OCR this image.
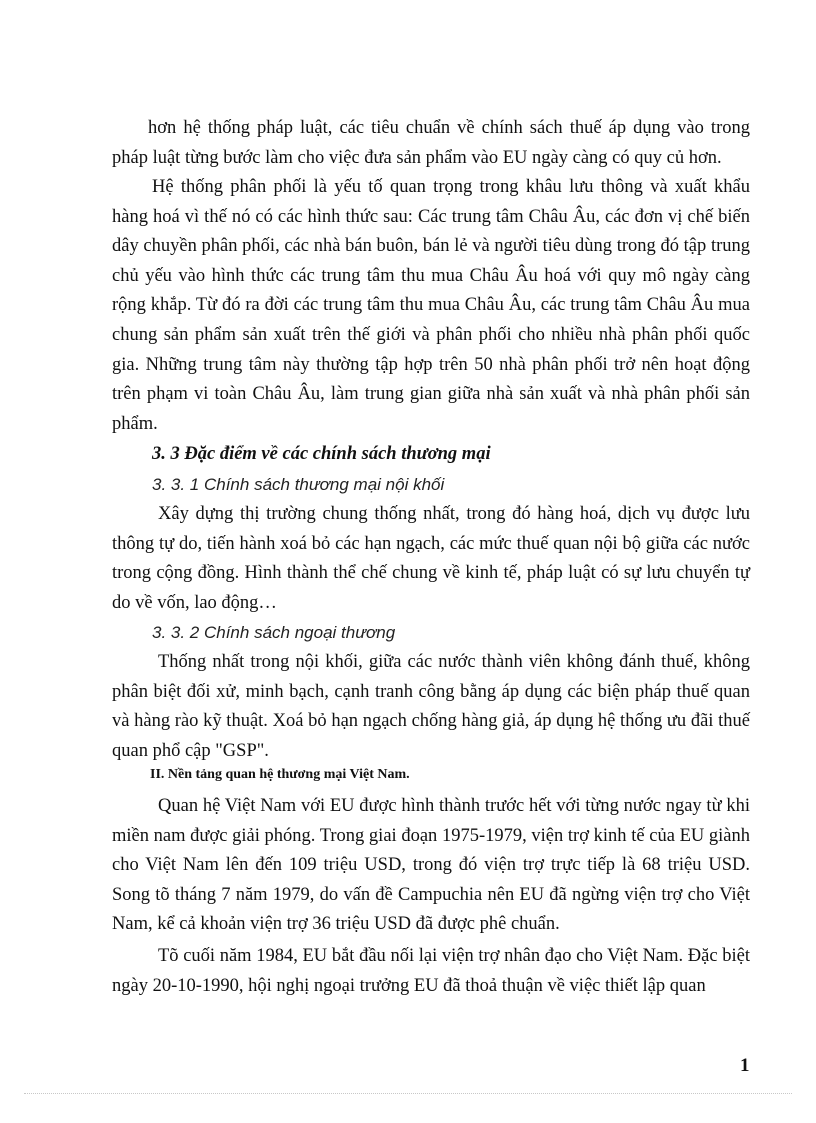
hơn hệ thống pháp luật, các tiêu chuẩn về chính sách thuế áp dụng vào trong pháp luật từng bước làm cho việc đưa sản phẩm vào EU ngày càng có quy củ hơn.

Hệ thống phân phối là yếu tố quan trọng trong khâu lưu thông và xuất khẩu hàng hoá vì thế nó có các hình thức sau: Các trung tâm Châu Âu, các đơn vị chế biến dây chuyền phân phối, các nhà bán buôn, bán lẻ và người tiêu dùng trong đó tập trung chủ yếu vào hình thức các trung tâm thu mua Châu Âu hoá với quy mô ngày càng rộng khắp. Từ đó ra đời các trung tâm thu mua Châu Âu, các trung tâm Châu Âu mua chung sản phẩm sản xuất trên thế giới và phân phối cho nhiều nhà phân phối quốc gia. Những trung tâm này thường tập hợp trên 50 nhà phân phối trở nên hoạt động trên phạm vi toàn Châu Âu, làm trung gian giữa nhà sản xuất và nhà phân phối sản phẩm.

3. 3 Đặc điểm về các chính sách thương mại
3. 3. 1 Chính sách thương mại nội khối

Xây dựng thị trường chung thống nhất, trong đó hàng hoá, dịch vụ được lưu thông tự do, tiến hành xoá bỏ các hạn ngạch, các mức thuế quan nội bộ giữa các nước trong cộng đồng. Hình thành thể chế chung về kinh tế, pháp luật có sự lưu chuyển tự do về vốn, lao động…

3. 3. 2 Chính sách ngoại thương

Thống nhất trong nội khối, giữa các nước thành viên không đánh thuế, không phân biệt đối xử, minh bạch, cạnh tranh công bằng áp dụng các biện pháp thuế quan và hàng rào kỹ thuật. Xoá bỏ hạn ngạch chống hàng giả, áp dụng hệ thống ưu đãi thuế quan phổ cập "GSP".

II. Nền tảng quan hệ thương mại Việt Nam.

Quan hệ Việt Nam với EU được hình thành trước hết với từng nước ngay từ khi miền nam được giải phóng. Trong giai đoạn 1975-1979, viện trợ kinh tế của EU giành cho Việt Nam lên đến 109 triệu USD, trong đó viện trợ trực tiếp là 68 triệu USD. Song tõ tháng 7 năm 1979, do vấn đề Campuchia nên EU đã ngừng viện trợ cho Việt Nam, kể cả khoản viện trợ 36 triệu USD đã được phê chuẩn.

Tõ cuối năm 1984, EU bắt đầu nối lại viện trợ nhân đạo cho Việt Nam. Đặc biệt ngày 20-10-1990, hội nghị ngoại trưởng EU đã thoả thuận về việc thiết lập quan

1
